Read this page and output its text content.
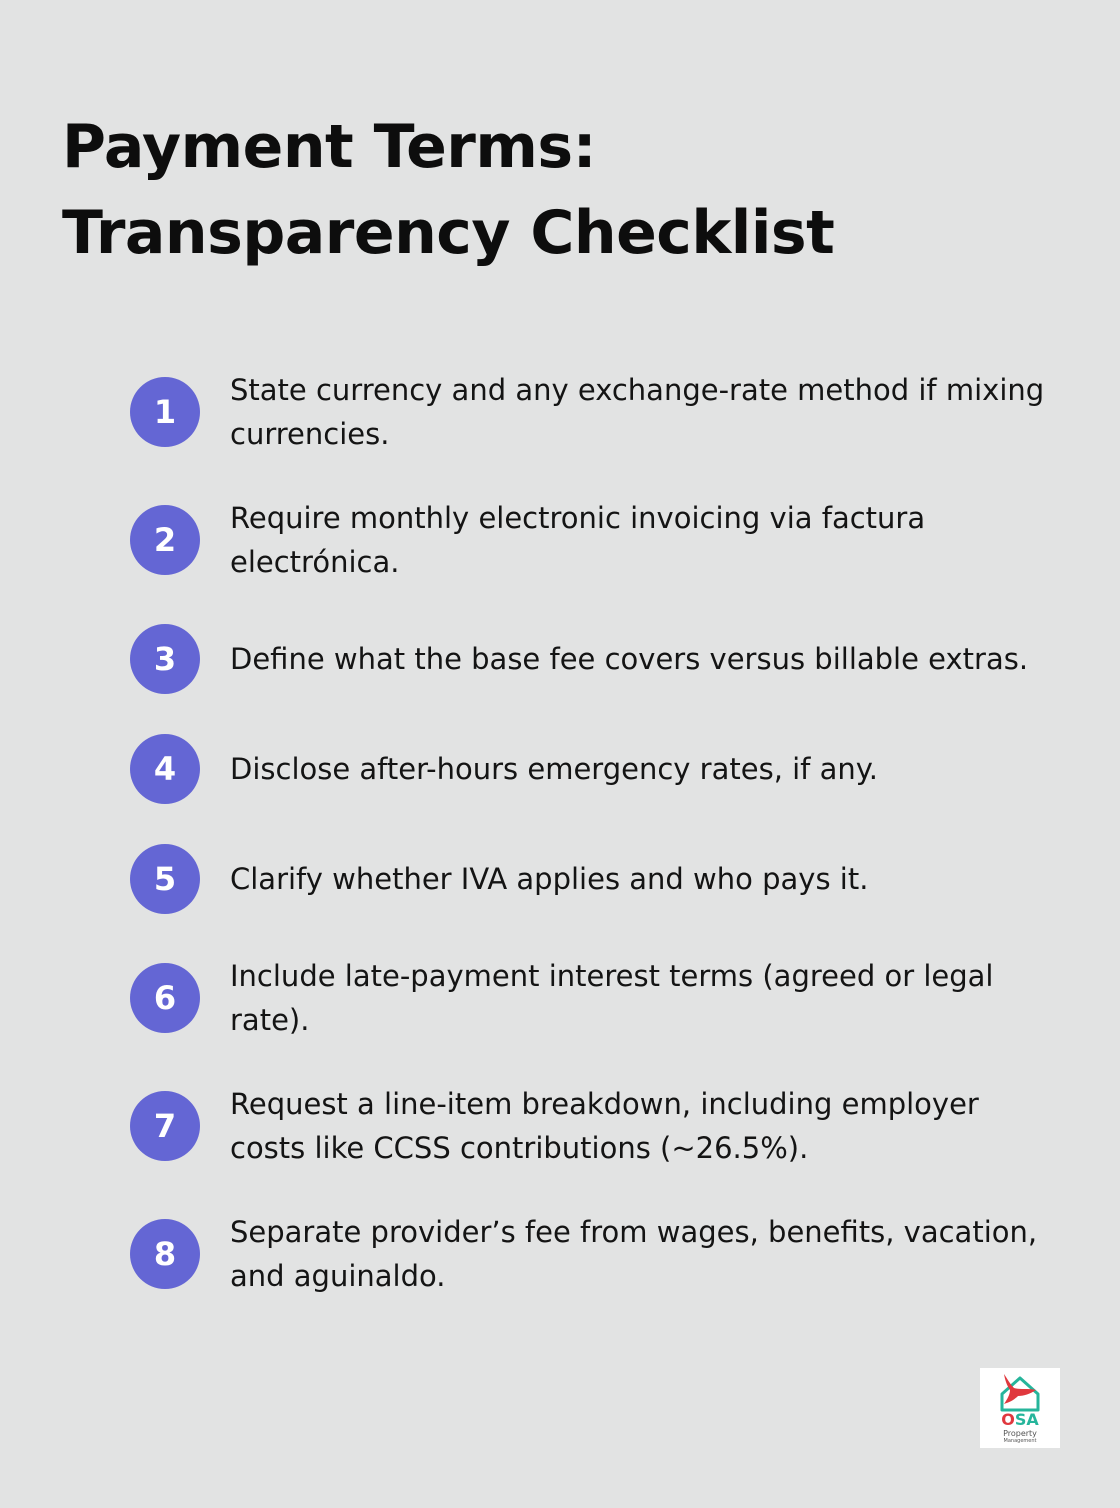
Payment Terms: Transparency Checklist
1
State currency and any exchange-rate method if mixing currencies.
2
Require monthly electronic invoicing via factura electrónica.
3	Define what the base fee covers versus billable extras.
4	Disclose after-hours emergency rates, if any.
5	Clarify whether IVA applies and who pays it.
6
Include late-payment interest terms (agreed or legal rate).
7
Request a line-item breakdown, including employer costs like CCSS contributions (~26.5%).
8
Separate provider’s fee from wages, benefits, vacation, and aguinaldo.
OSA
Property
Management
